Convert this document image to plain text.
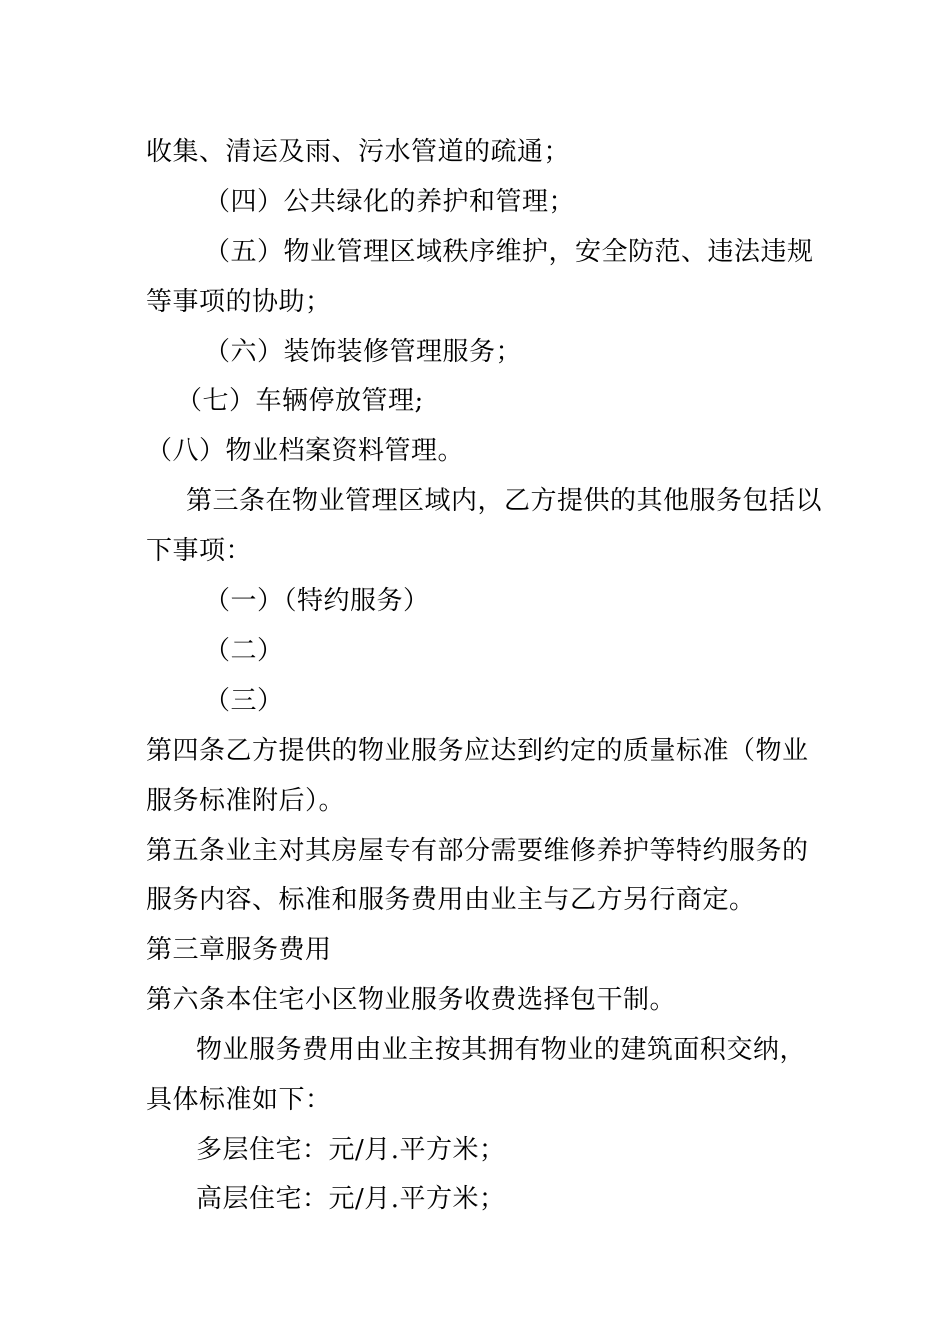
收集、清运及雨、污水管道的疏通；
（四）公共绿化的养护和管理；
（五）物业管理区域秩序维护，安全防范、违法违规
等事项的协助；
（六）装饰装修管理服务；
（七）车辆停放管理;
（八）物业档案资料管理。
第三条在物业管理区域内，乙方提供的其他服务包括以
下事项：
（一）（特约服务）
（二）
（三）
第四条乙方提供的物业服务应达到约定的质量标准（物业
服务标准附后）。
第五条业主对其房屋专有部分需要维修养护等特约服务的
服务内容、标准和服务费用由业主与乙方另行商定。
第三章服务费用
第六条本住宅小区物业服务收费选择包干制。
物业服务费用由业主按其拥有物业的建筑面积交纳，
具体标准如下：
多层住宅：元/月.平方米；
高层住宅：元/月.平方米；
